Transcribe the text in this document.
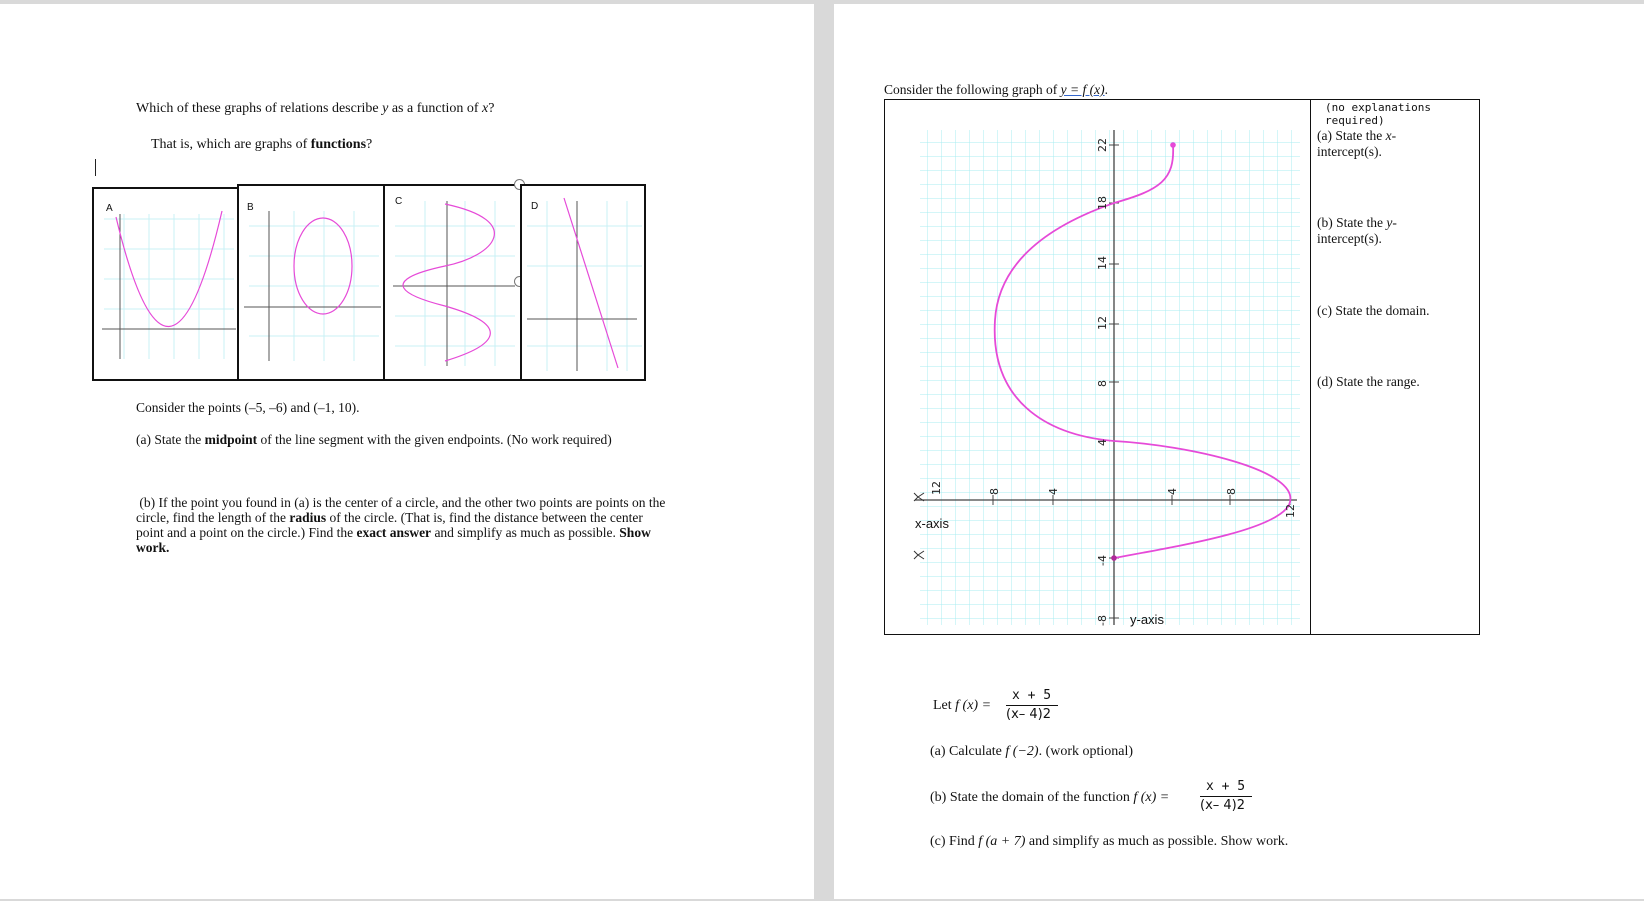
Which of these graphs of relations describe y as a function of x?
That is, which are graphs of functions?
A	B
C	D
Consider the points (–5, –6) and (–1, 10).
(a) State the midpoint of the line segment with the given endpoints. (No work required)
(b) If the point you found in (a) is the center of a circle, and the other two points are points on the
circle, find the length of the radius of the circle. (That is, find the distance between the center
point and a point on the circle.) Find the exact answer and simplify as much as possible. Show
work.
Consider the following graph of y = f (x).
22
18
14
12
8
4
-4
-8
12	8	4	4	8
12
x-axis
y-axis
(no explanations required)
(a) State the x-
intercept(s).
(b) State the y-
intercept(s).
(c) State the domain.
(d) State the range.
Let f (x) =
x + 5
(x– 4)2
(a) Calculate f (−2). (work optional)
(b) State the domain of the function f (x) =
x + 5
(x– 4)2
(c) Find f (a + 7) and simplify as much as possible. Show work.
